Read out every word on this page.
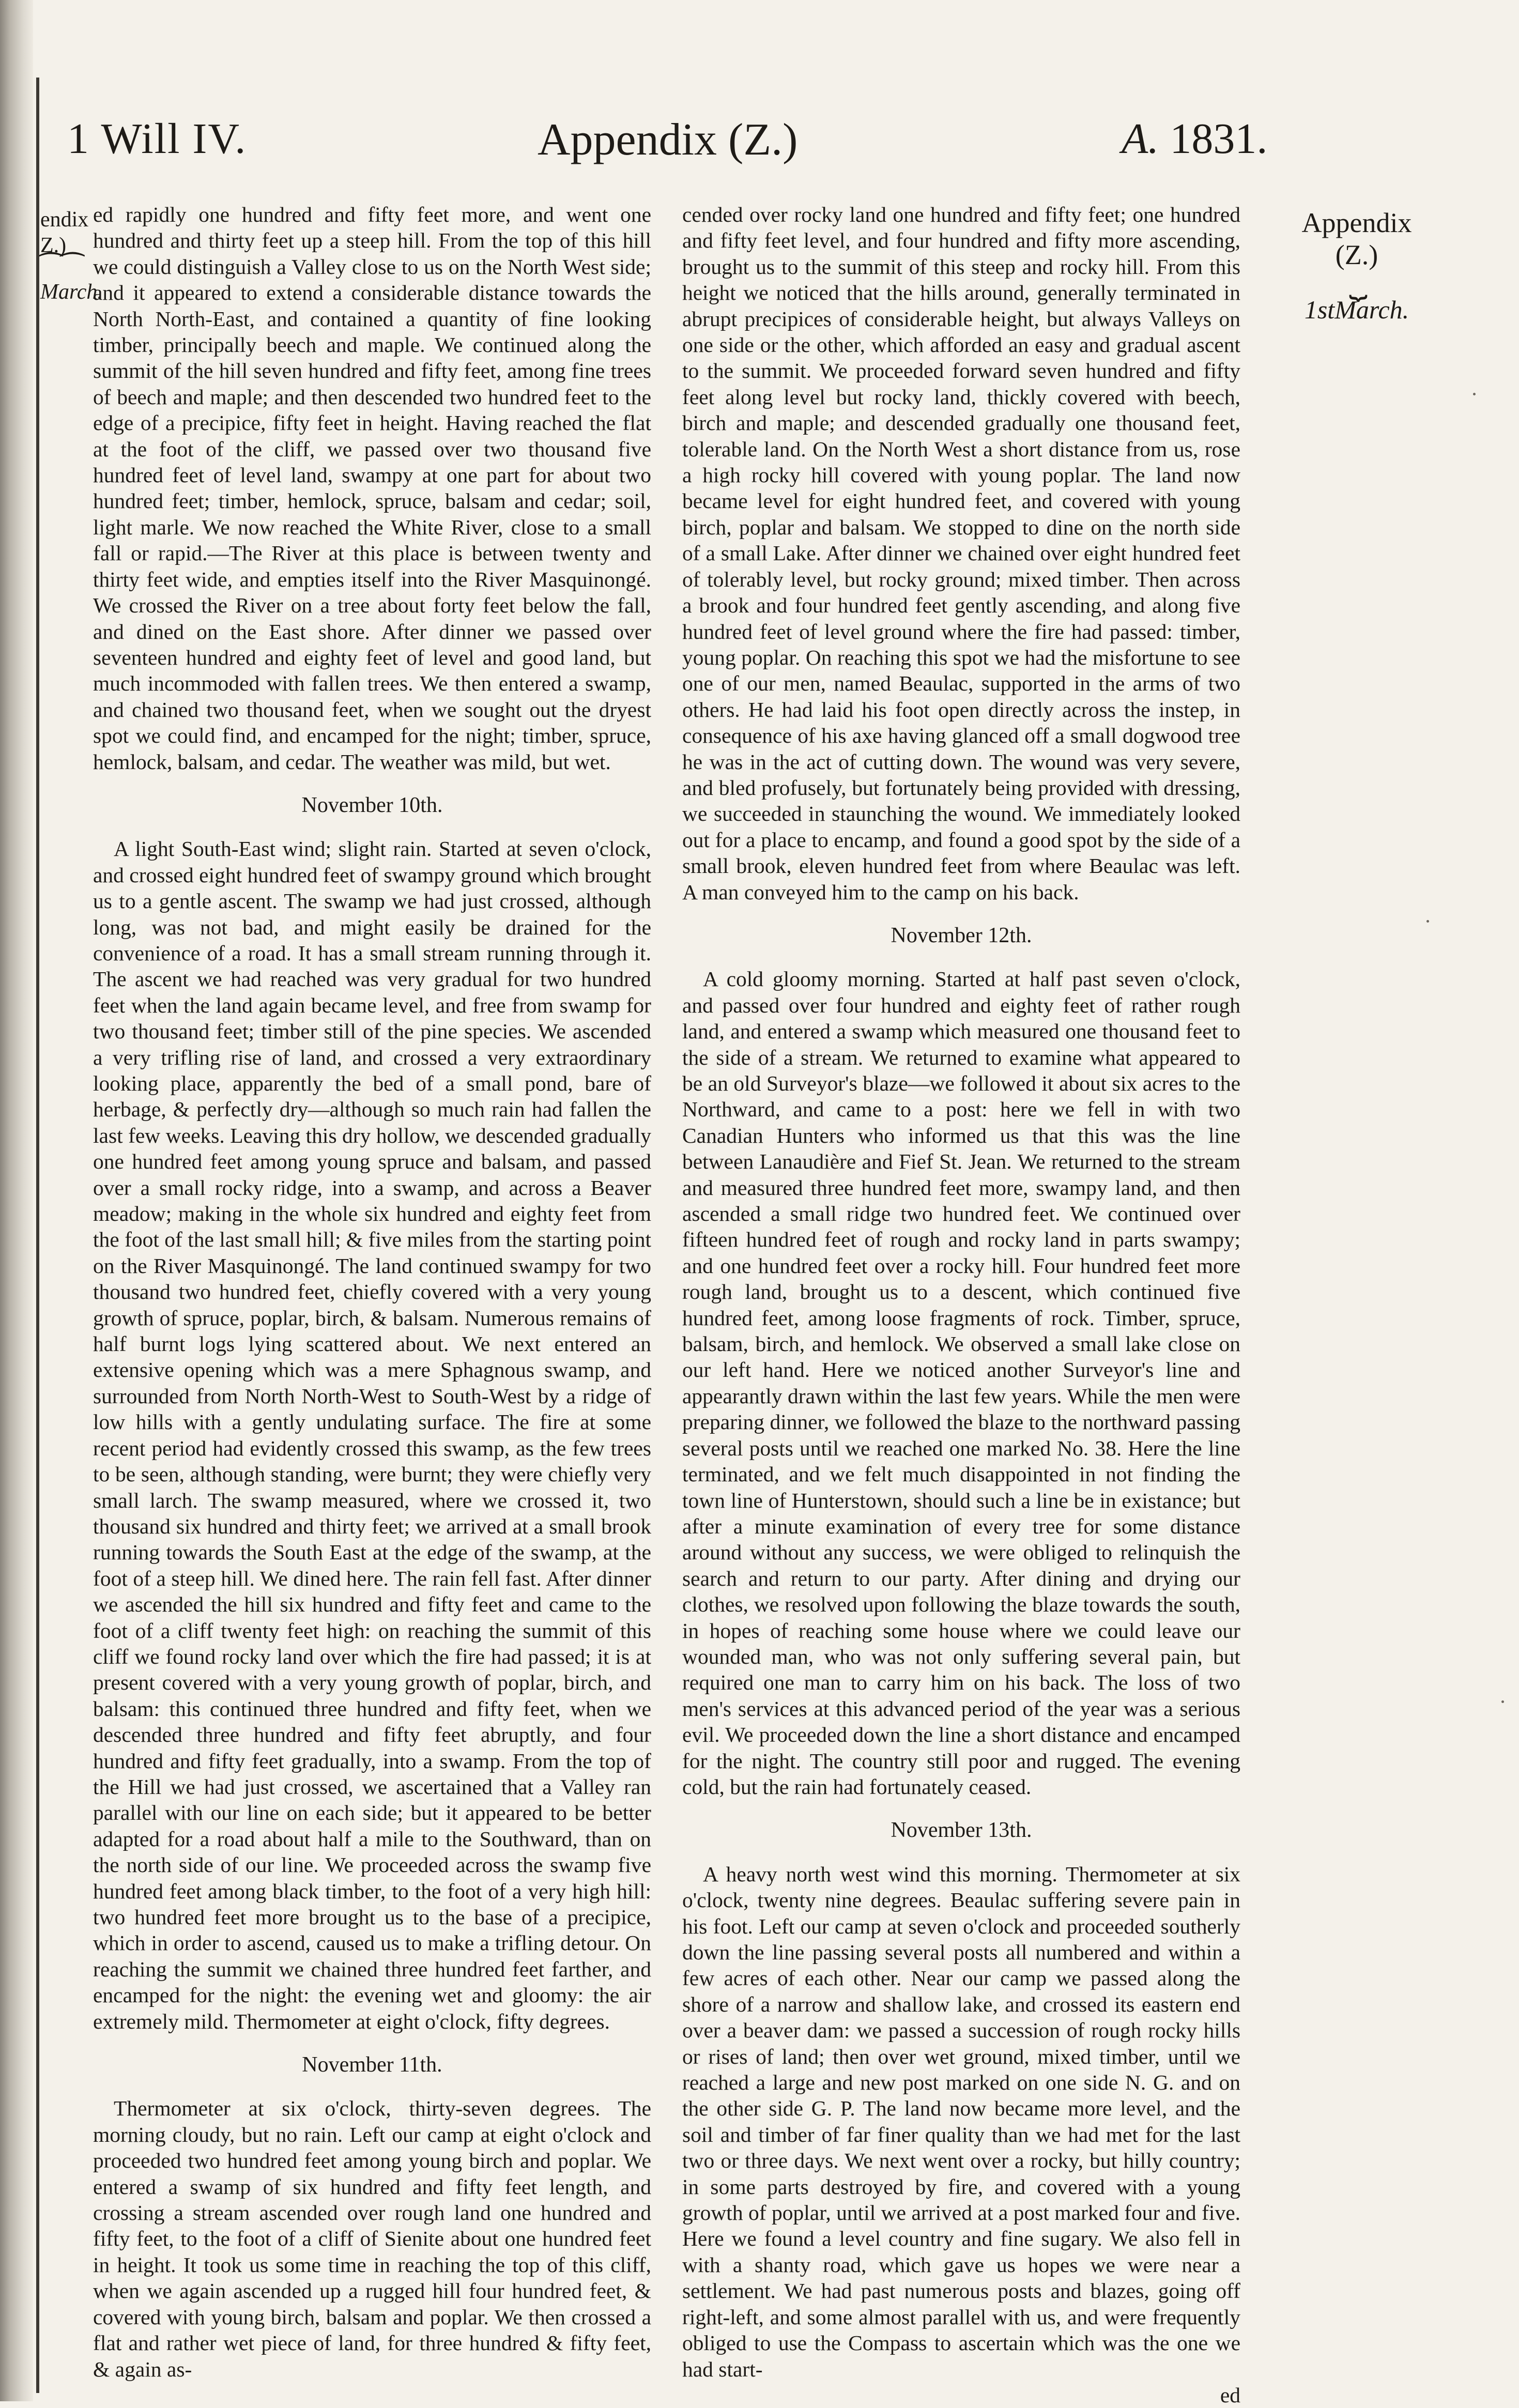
1 Will IV.	Appendix (Z.)	A. 1831.
endix
Z.)
⁀⁀
March.
Appendix
(Z.)
⏟
1stMarch.

ed rapidly one hundred and fifty feet more, and went one hundred and thirty feet up a steep hill. From the top of this hill we could distinguish a Valley close to us on the North West side; and it appeared to extend a considerable distance towards the North North-East, and contained a quantity of fine looking timber, principally beech and maple. We continued along the summit of the hill seven hundred and fifty feet, among fine trees of beech and maple; and then descended two hundred feet to the edge of a precipice, fifty feet in height. Having reached the flat at the foot of the cliff, we passed over two thousand five hundred feet of level land, swampy at one part for about two hundred feet; timber, hemlock, spruce, balsam and cedar; soil, light marle. We now reached the White River, close to a small fall or rapid.—The River at this place is between twenty and thirty feet wide, and empties itself into the River Masquinongé. We crossed the River on a tree about forty feet below the fall, and dined on the East shore. After dinner we passed over seventeen hundred and eighty feet of level and good land, but much incommoded with fallen trees. We then entered a swamp, and chained two thousand feet, when we sought out the dryest spot we could find, and encamped for the night; timber, spruce, hemlock, balsam, and cedar. The weather was mild, but wet.

November 10th.

A light South-East wind; slight rain. Started at seven o'clock, and crossed eight hundred feet of swampy ground which brought us to a gentle ascent. The swamp we had just crossed, although long, was not bad, and might easily be drained for the convenience of a road. It has a small stream running through it. The ascent we had reached was very gradual for two hundred feet when the land again became level, and free from swamp for two thousand feet; timber still of the pine species. We ascended a very trifling rise of land, and crossed a very extraordinary looking place, apparently the bed of a small pond, bare of herbage, & perfectly dry—although so much rain had fallen the last few weeks. Leaving this dry hollow, we descended gradually one hundred feet among young spruce and balsam, and passed over a small rocky ridge, into a swamp, and across a Beaver meadow; making in the whole six hundred and eighty feet from the foot of the last small hill; & five miles from the starting point on the River Masquinongé. The land continued swampy for two thousand two hundred feet, chiefly covered with a very young growth of spruce, poplar, birch, & balsam. Numerous remains of half burnt logs lying scattered about. We next entered an extensive opening which was a mere Sphagnous swamp, and surrounded from North North-West to South-West by a ridge of low hills with a gently undulating surface. The fire at some recent period had evidently crossed this swamp, as the few trees to be seen, although standing, were burnt; they were chiefly very small larch. The swamp measured, where we crossed it, two thousand six hundred and thirty feet; we arrived at a small brook running towards the South East at the edge of the swamp, at the foot of a steep hill. We dined here. The rain fell fast. After dinner we ascended the hill six hundred and fifty feet and came to the foot of a cliff twenty feet high: on reaching the summit of this cliff we found rocky land over which the fire had passed; it is at present covered with a very young growth of poplar, birch, and balsam: this continued three hundred and fifty feet, when we descended three hundred and fifty feet abruptly, and four hundred and fifty feet gradually, into a swamp. From the top of the Hill we had just crossed, we ascertained that a Valley ran parallel with our line on each side; but it appeared to be better adapted for a road about half a mile to the Southward, than on the north side of our line. We proceeded across the swamp five hundred feet among black timber, to the foot of a very high hill: two hundred feet more brought us to the base of a precipice, which in order to ascend, caused us to make a trifling detour. On reaching the summit we chained three hundred feet farther, and encamped for the night: the evening wet and gloomy: the air extremely mild. Thermometer at eight o'clock, fifty degrees.

November 11th.

Thermometer at six o'clock, thirty-seven degrees. The morning cloudy, but no rain. Left our camp at eight o'clock and proceeded two hundred feet among young birch and poplar. We entered a swamp of six hundred and fifty feet length, and crossing a stream ascended over rough land one hundred and fifty feet, to the foot of a cliff of Sienite about one hundred feet in height. It took us some time in reaching the top of this cliff, when we again ascended up a rugged hill four hundred feet, & covered with young birch, balsam and poplar. We then crossed a flat and rather wet piece of land, for three hundred & fifty feet, & again as-

cended over rocky land one hundred and fifty feet; one hundred and fifty feet level, and four hundred and fifty more ascending, brought us to the summit of this steep and rocky hill. From this height we noticed that the hills around, generally terminated in abrupt precipices of considerable height, but always Valleys on one side or the other, which afforded an easy and gradual ascent to the summit. We proceeded forward seven hundred and fifty feet along level but rocky land, thickly covered with beech, birch and maple; and descended gradually one thousand feet, tolerable land. On the North West a short distance from us, rose a high rocky hill covered with young poplar. The land now became level for eight hundred feet, and covered with young birch, poplar and balsam. We stopped to dine on the north side of a small Lake. After dinner we chained over eight hundred feet of tolerably level, but rocky ground; mixed timber. Then across a brook and four hundred feet gently ascending, and along five hundred feet of level ground where the fire had passed: timber, young poplar. On reaching this spot we had the misfortune to see one of our men, named Beaulac, supported in the arms of two others. He had laid his foot open directly across the instep, in consequence of his axe having glanced off a small dogwood tree he was in the act of cutting down. The wound was very severe, and bled profusely, but fortunately being provided with dressing, we succeeded in staunching the wound. We immediately looked out for a place to encamp, and found a good spot by the side of a small brook, eleven hundred feet from where Beaulac was left. A man conveyed him to the camp on his back.

November 12th.

A cold gloomy morning. Started at half past seven o'clock, and passed over four hundred and eighty feet of rather rough land, and entered a swamp which measured one thousand feet to the side of a stream. We returned to examine what appeared to be an old Surveyor's blaze—we followed it about six acres to the Northward, and came to a post: here we fell in with two Canadian Hunters who informed us that this was the line between Lanaudière and Fief St. Jean. We returned to the stream and measured three hundred feet more, swampy land, and then ascended a small ridge two hundred feet. We continued over fifteen hundred feet of rough and rocky land in parts swampy; and one hundred feet over a rocky hill. Four hundred feet more rough land, brought us to a descent, which continued five hundred feet, among loose fragments of rock. Timber, spruce, balsam, birch, and hemlock. We observed a small lake close on our left hand. Here we noticed another Surveyor's line and appearantly drawn within the last few years. While the men were preparing dinner, we followed the blaze to the northward passing several posts until we reached one marked No. 38. Here the line terminated, and we felt much disappointed in not finding the town line of Hunterstown, should such a line be in existance; but after a minute examination of every tree for some distance around without any success, we were obliged to relinquish the search and return to our party. After dining and drying our clothes, we resolved upon following the blaze towards the south, in hopes of reaching some house where we could leave our wounded man, who was not only suffering several pain, but required one man to carry him on his back. The loss of two men's services at this advanced period of the year was a serious evil. We proceeded down the line a short distance and encamped for the night. The country still poor and rugged. The evening cold, but the rain had fortunately ceased.

November 13th.

A heavy north west wind this morning. Thermometer at six o'clock, twenty nine degrees. Beaulac suffering severe pain in his foot. Left our camp at seven o'clock and proceeded southerly down the line passing several posts all numbered and within a few acres of each other. Near our camp we passed along the shore of a narrow and shallow lake, and crossed its eastern end over a beaver dam: we passed a succession of rough rocky hills or rises of land; then over wet ground, mixed timber, until we reached a large and new post marked on one side N. G. and on the other side G. P. The land now became more level, and the soil and timber of far finer quality than we had met for the last two or three days. We next went over a rocky, but hilly country; in some parts destroyed by fire, and covered with a young growth of poplar, until we arrived at a post marked four and five. Here we found a level country and fine sugary. We also fell in with a shanty road, which gave us hopes we were near a settlement. We had past numerous posts and blazes, going off right-left, and some almost parallel with us, and were frequently obliged to use the Compass to ascertain which was the one we had start-

ed
